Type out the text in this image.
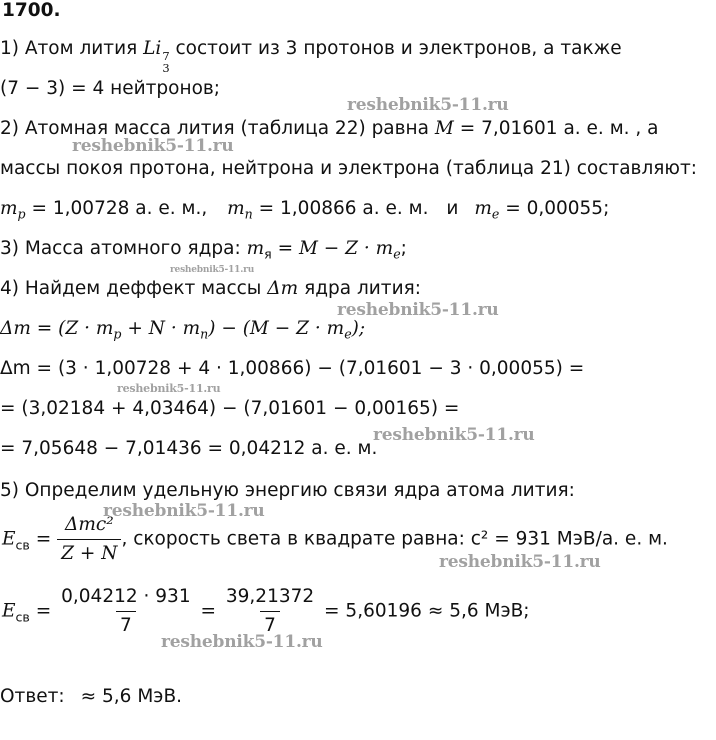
1700.
1) Атом лития Li 7
3
состоит из 3 протонов и электронов, а также
(7 − 3) = 4 нейтронов;
2) Атомная масса лития (таблица 22) равна M = 7,01601 а. е. м. , а
массы покоя протона, нейтрона и электрона (таблица 21) составляют:
$m_p = 1,00728$ а. е. м., $m_n = 1,00866$ а. е. м. и $m_e = 0,00055$;
3) Масса атомного ядра: $m_я = M - Z \cdot m_e$;
4) Найдем деффект массы Δm ядра лития:
$\Delta m = (Z \cdot m_p + N \cdot m_n) - (M - Z \cdot m_e)$;
Δm = (3 · 1,00728 + 4 · 1,00866) − (7,01601 − 3 · 0,00055) =
= (3,02184 + 4,03464) − (7,01601 − 0,00165) =
= 7,05648 − 7,01436 = 0,04212 а. е. м.
5) Определим удельную энергию связи ядра атома лития:
$E_{св} = \frac{\text{Δmc²}}{Z + N}$ , скорость света в квадрате равна: c² = 931 МэВ/а. е. м.
$E_{св} = \frac{0,04212 \cdot 931}{7} = \frac{39,21372}{7} = 5,60196 \approx 5,6$ МэВ;
Ответ: ≈ 5,6 МэВ.
reshebnik5-11.ru
reshebnik5-11.ru
reshebnik5-11.ru
reshebnik5-11.ru
reshebnik5-11.ru
reshebnik5-11.ru
reshebnik5-11.ru
reshebnik5-11.ru
reshebnik5-11.ru
